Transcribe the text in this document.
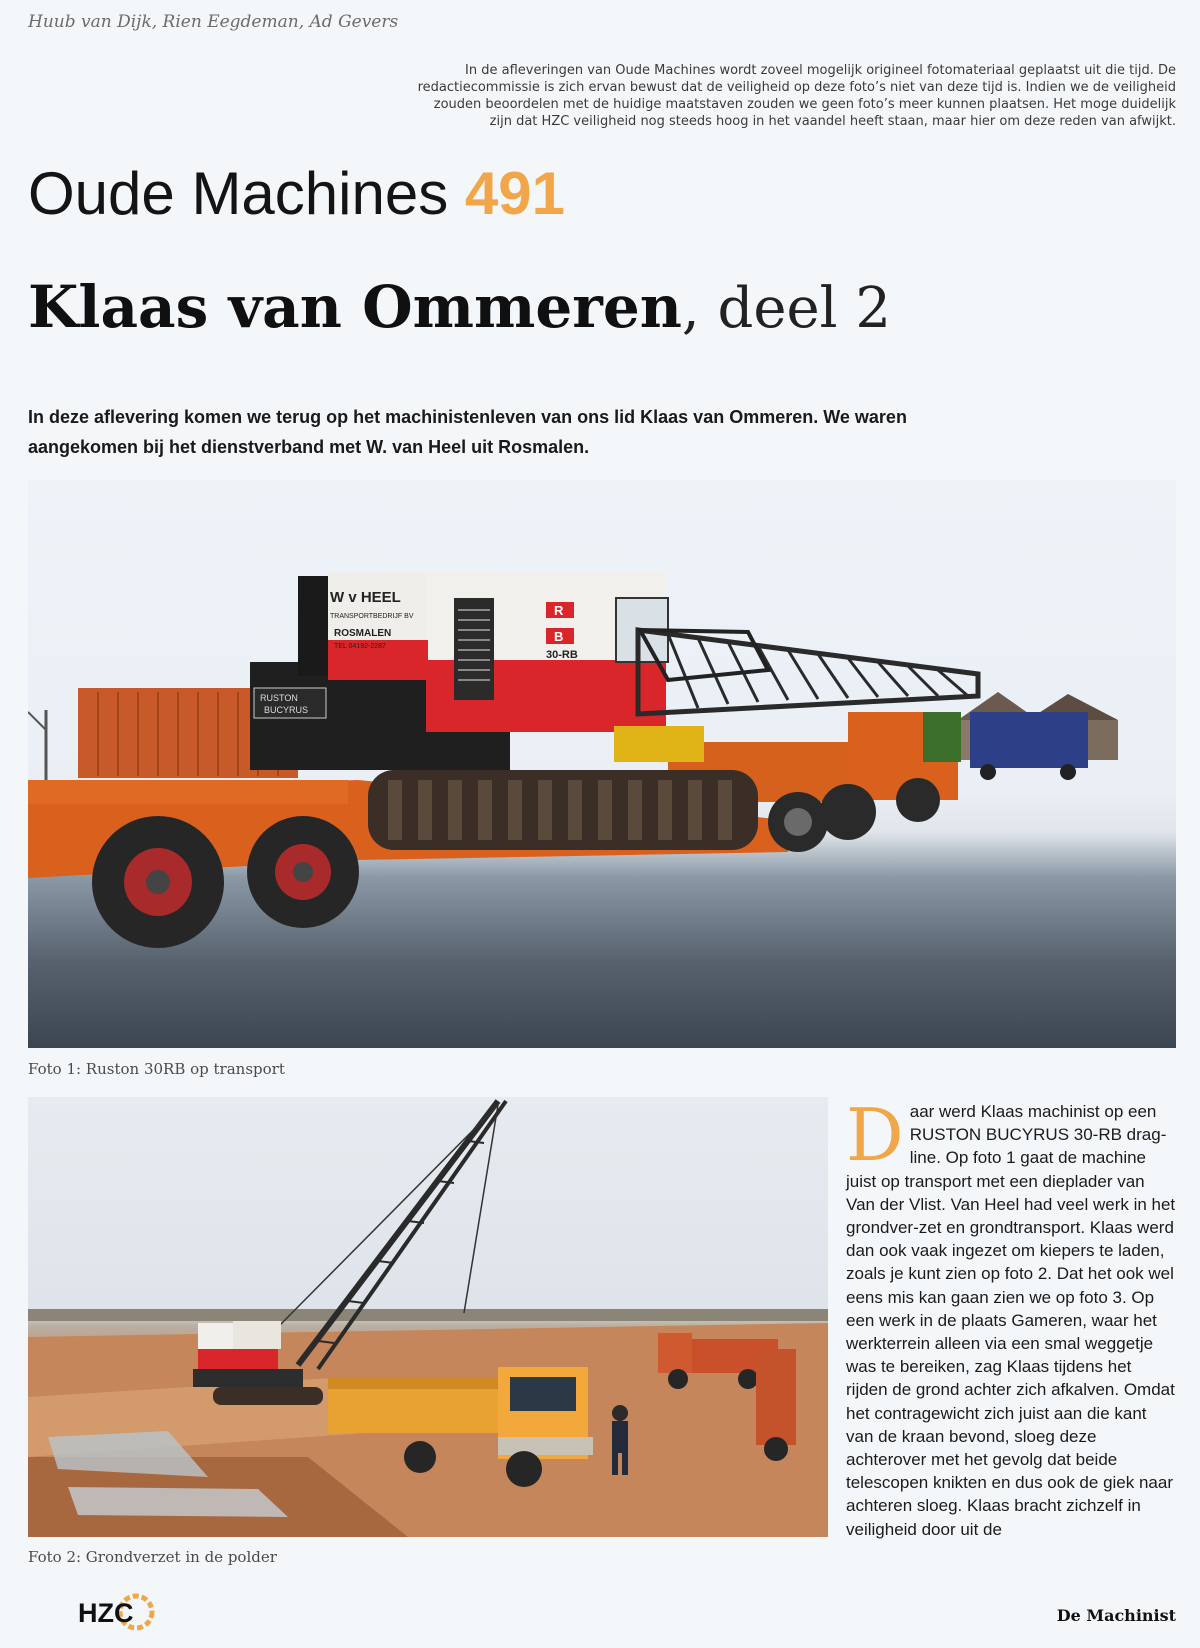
Huub van Dijk, Rien Eegdeman, Ad Gevers
In de afleveringen van Oude Machines wordt zoveel mogelijk origineel fotomateriaal geplaatst uit die tijd. De redactiecommissie is zich ervan bewust dat de veiligheid op deze foto’s niet van deze tijd is. Indien we de veiligheid zouden beoordelen met de huidige maatstaven zouden we geen foto’s meer kunnen plaatsen. Het moge duidelijk zijn dat HZC veiligheid nog steeds hoog in het vaandel heeft staan, maar hier om deze reden van afwijkt.
Oude Machines 491
Klaas van Ommeren, deel 2
In deze aflevering komen we terug op het machinistenleven van ons lid Klaas van Ommeren. We waren aangekomen bij het dienstverband met W. van Heel uit Rosmalen.
W v HEEL
TRANSPORTBEDRIJF BV
ROSMALEN
TEL 04192-2287
R
B
30-RB
RUSTON
BUCYRUS
Foto 1: Ruston 30RB op transport
Foto 2: Grondverzet in de polder
D aar werd Klaas machinist op een RUSTON BUCYRUS 30-RB drag-line. Op foto 1 gaat de machine juist op transport met een dieplader van Van der Vlist. Van Heel had veel werk in het grondver-zet en grondtransport. Klaas werd dan ook vaak ingezet om kiepers te laden, zoals je kunt zien op foto 2. Dat het ook wel eens mis kan gaan zien we op foto 3. Op een werk in de plaats Gameren, waar het werkterrein alleen via een smal weggetje was te bereiken, zag Klaas tijdens het rijden de grond achter zich afkalven. Omdat het contragewicht zich juist aan die kant van de kraan bevond, sloeg deze achterover met het gevolg dat beide telescopen knikten en dus ook de giek naar achteren sloeg. Klaas bracht zichzelf in veiligheid door uit de
HZC	De Machinist
